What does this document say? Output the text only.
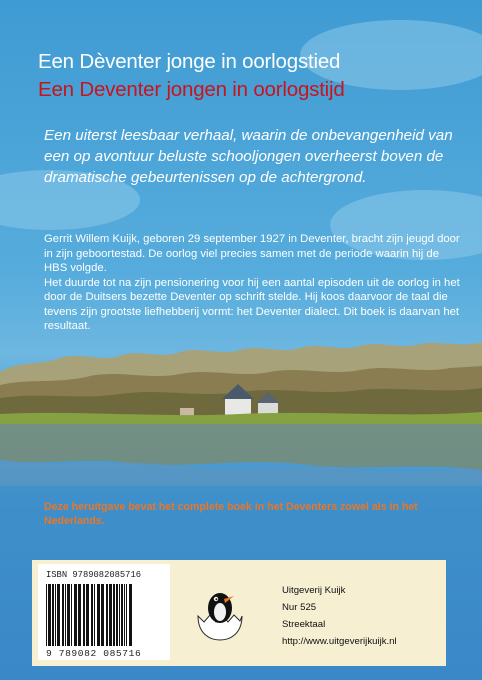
Een Dèventer jonge in oorlogstied
Een Deventer jongen in oorlogstijd

Een uiterst leesbaar verhaal, waarin de onbevangenheid van een op avontuur beluste schooljongen overheerst boven de dramatische gebeurtenissen op de achtergrond.

Gerrit Willem Kuijk, geboren 29 september 1927 in Deventer, bracht zijn jeugd door in zijn geboortestad. De oorlog viel precies samen met de periode waarin hij de HBS volgde.
Het duurde tot na zijn pensionering voor hij een aantal episoden uit de oorlog in het door de Duitsers bezette Deventer op schrift stelde. Hij koos daarvoor de taal die tevens zijn grootste liefhebberij vormt: het Deventer dialect. Dit boek is daarvan het resultaat.

Deze heruitgave bevat het complete boek in het Deventers zowel als in het Nederlands.

ISBN 9789082085716

9 789082 085716

Uitgeverij Kuijk
Nur 525
Streektaal
http://www.uitgeverijkuijk.nl
